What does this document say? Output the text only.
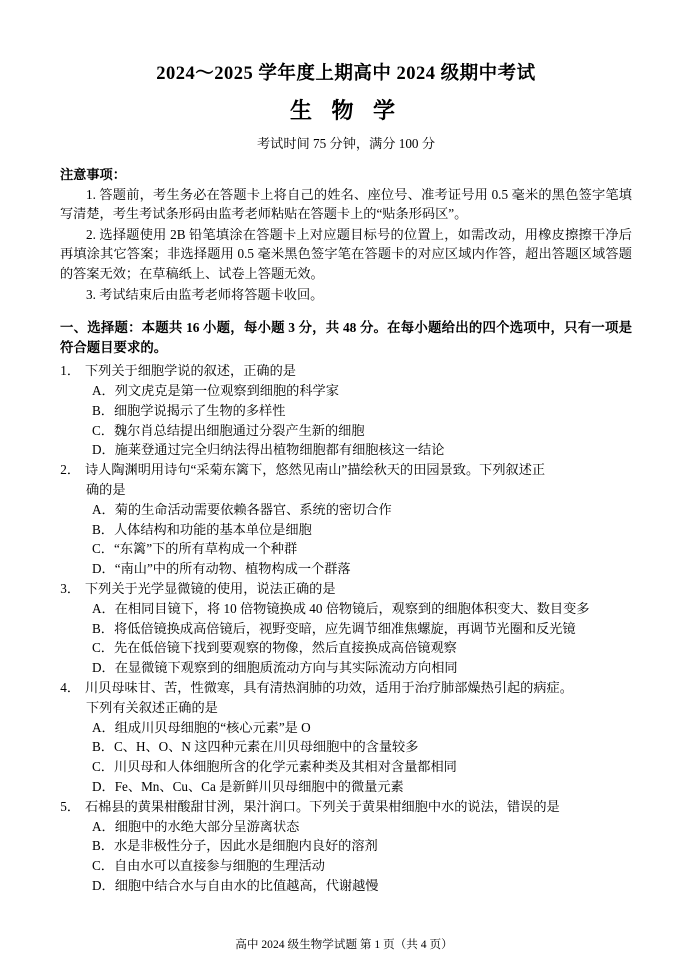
2024～2025 学年度上期高中 2024 级期中考试
生 物 学
考试时间 75 分钟，满分 100 分
注意事项：

1. 答题前，考生务必在答题卡上将自己的姓名、座位号、准考证号用 0.5 毫米的黑色签字笔填写清楚，考生考试条形码由监考老师粘贴在答题卡上的“贴条形码区”。

2. 选择题使用 2B 铅笔填涂在答题卡上对应题目标号的位置上，如需改动，用橡皮擦擦干净后再填涂其它答案；非选择题用 0.5 毫米黑色签字笔在答题卡的对应区域内作答，超出答题区域答题的答案无效；在草稿纸上、试卷上答题无效。

3. 考试结束后由监考老师将答题卡收回。

一、选择题：本题共 16 小题，每小题 3 分，共 48 分。在每小题给出的四个选项中，只有一项是符合题目要求的。

1． 下列关于细胞学说的叙述，正确的是

A．列文虎克是第一位观察到细胞的科学家

B．细胞学说揭示了生物的多样性

C．魏尔肖总结提出细胞通过分裂产生新的细胞

D．施莱登通过完全归纳法得出植物细胞都有细胞核这一结论

2． 诗人陶渊明用诗句“采菊东篱下，悠然见南山”描绘秋天的田园景致。下列叙述正

确的是

A．菊的生命活动需要依赖各器官、系统的密切合作

B．人体结构和功能的基本单位是细胞

C．“东篱”下的所有草构成一个种群

D．“南山”中的所有动物、植物构成一个群落

3． 下列关于光学显微镜的使用，说法正确的是

A．在相同目镜下，将 10 倍物镜换成 40 倍物镜后，观察到的细胞体积变大、数目变多

B．将低倍镜换成高倍镜后，视野变暗，应先调节细准焦螺旋，再调节光圈和反光镜

C．先在低倍镜下找到要观察的物像，然后直接换成高倍镜观察

D．在显微镜下观察到的细胞质流动方向与其实际流动方向相同

4． 川贝母味甘、苦，性微寒，具有清热润肺的功效，适用于治疗肺部燥热引起的病症。

下列有关叙述正确的是

A．组成川贝母细胞的“核心元素”是 O

B．C、H、O、N 这四种元素在川贝母细胞中的含量较多

C．川贝母和人体细胞所含的化学元素种类及其相对含量都相同

D．Fe、Mn、Cu、Ca 是新鲜川贝母细胞中的微量元素

5． 石棉县的黄果柑酸甜甘洌，果汁润口。下列关于黄果柑细胞中水的说法，错误的是

A．细胞中的水绝大部分呈游离状态

B．水是非极性分子，因此水是细胞内良好的溶剂

C．自由水可以直接参与细胞的生理活动

D．细胞中结合水与自由水的比值越高，代谢越慢

高中 2024 级生物学试题 第 1 页（共 4 页）
